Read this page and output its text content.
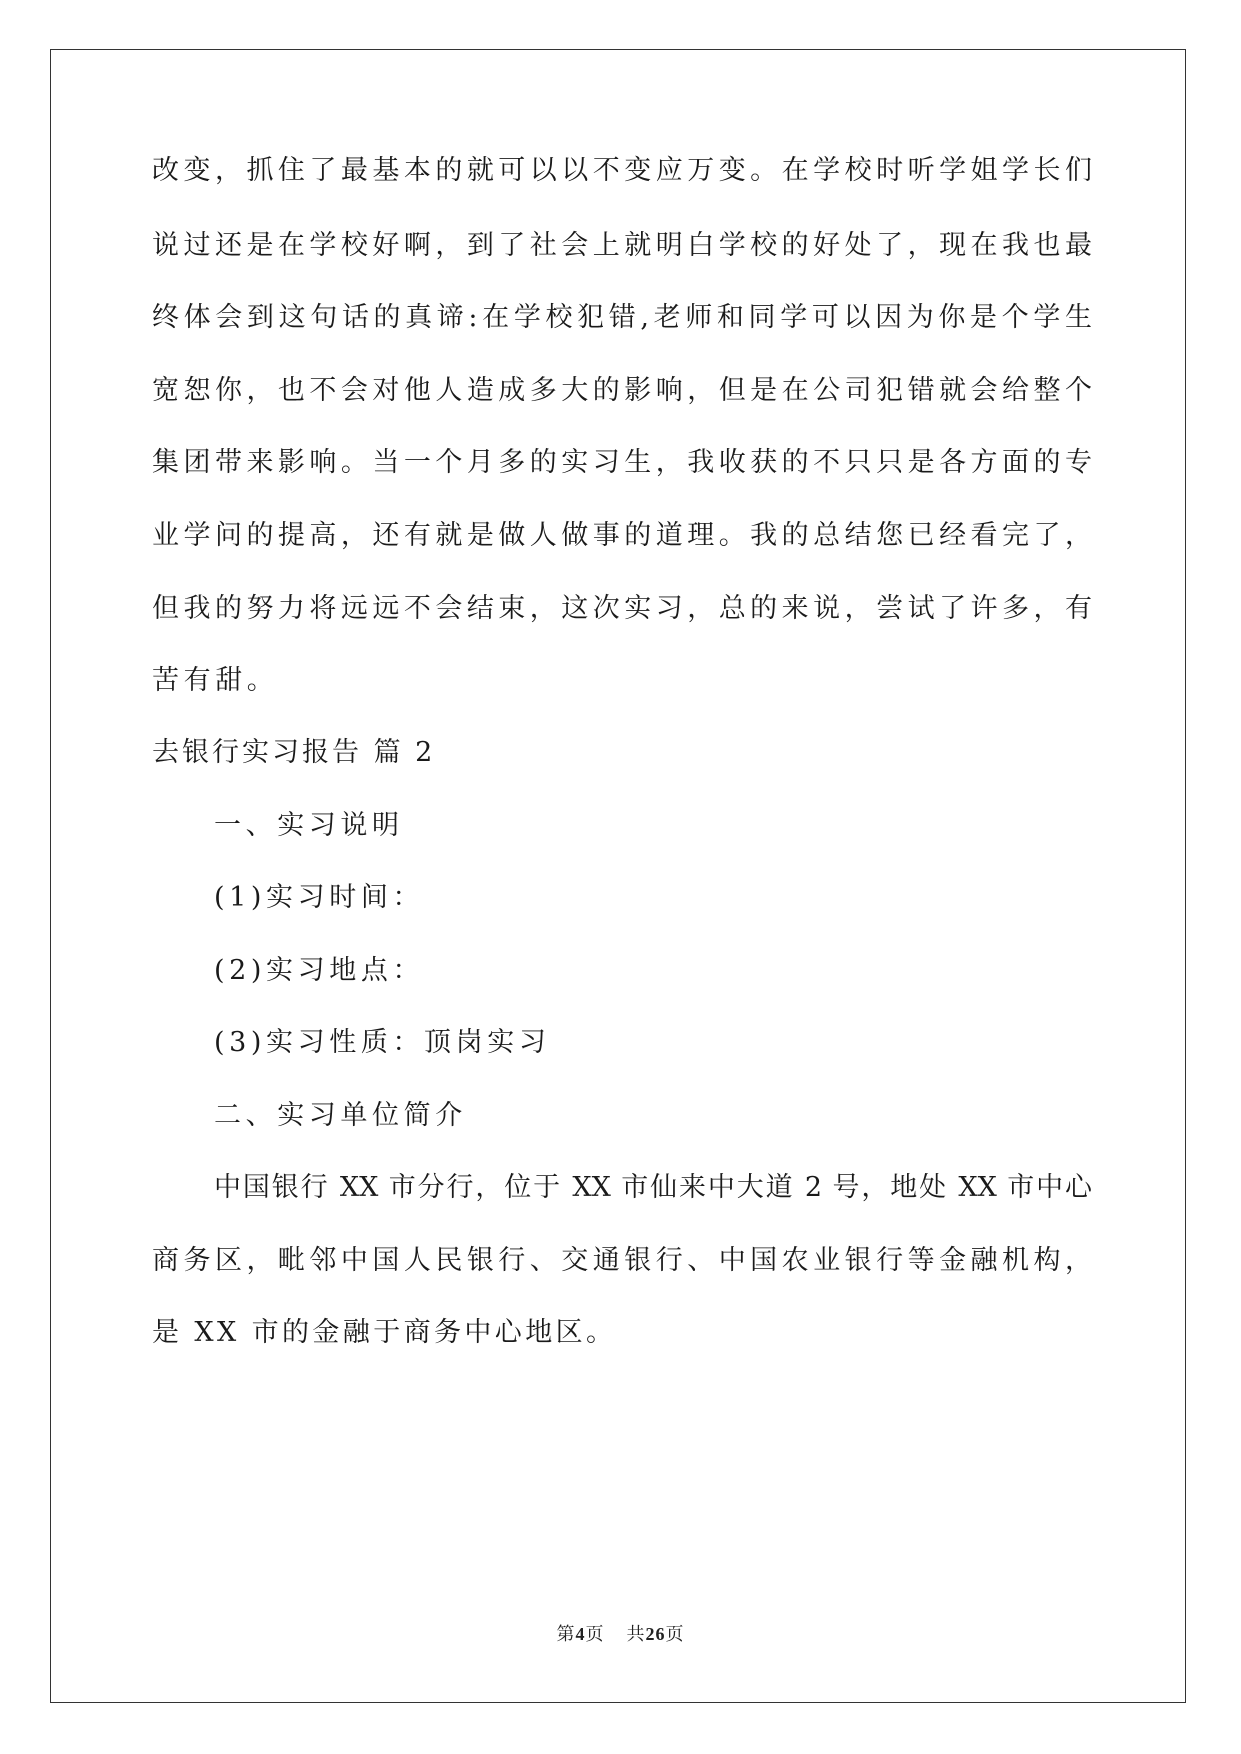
改变，抓住了最基本的就可以以不变应万变。在学校时听学姐学长们
说过还是在学校好啊，到了社会上就明白学校的好处了，现在我也最
终体会到这句话的真谛:在学校犯错,老师和同学可以因为你是个学生
宽恕你，也不会对他人造成多大的影响，但是在公司犯错就会给整个
集团带来影响。当一个月多的实习生，我收获的不只只是各方面的专
业学问的提高，还有就是做人做事的道理。我的总结您已经看完了，
但我的努力将远远不会结束，这次实习，总的来说，尝试了许多，有
苦有甜。
去银行实习报告 篇 2
一、实习说明
(1)实习时间：
(2)实习地点：
(3)实习性质：顶岗实习
二、实习单位简介
中国银行 XX 市分行，位于 XX 市仙来中大道 2 号，地处 XX 市中心
商务区，毗邻中国人民银行、交通银行、中国农业银行等金融机构，
是 XX 市的金融于商务中心地区。
第4页 共26页
